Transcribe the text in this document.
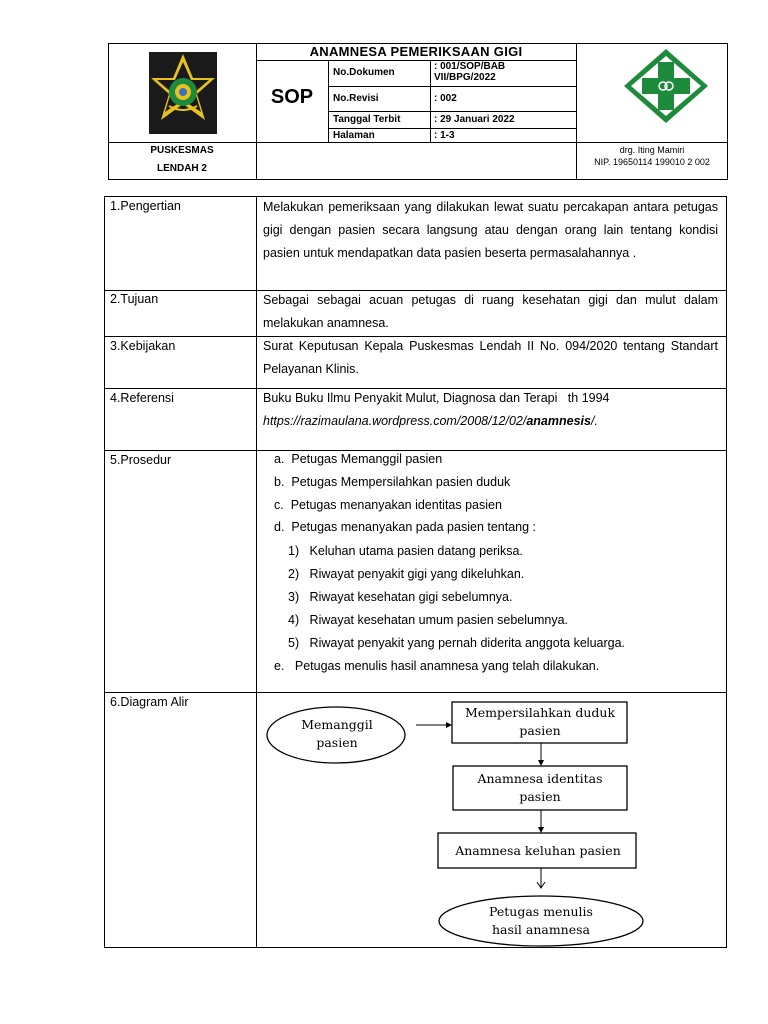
ANAMNESA PEMERIKSAAN GIGI
SOP
No.Dokumen
: 001/SOP/BAB VII/BPG/2022
No.Revisi	: 002
Tanggal Terbit	: 29 Januari 2022
Halaman	: 1-3
PUSKESMAS
LENDAH 2
drg. Iting Mamiri
NIP. 19650114 199010 2 002
1.Pengertian	Melakukan pemeriksaan yang dilakukan lewat suatu percakapan antara petugas gigi dengan pasien secara langsung atau dengan orang lain tentang kondisi pasien untuk mendapatkan data pasien beserta permasalahannya .
2.Tujuan	Sebagai sebagai acuan petugas di ruang kesehatan gigi dan mulut dalam melakukan anamnesa.
3.Kebijakan	Surat Keputusan Kepala Puskesmas Lendah II No. 094/2020 tentang Standart Pelayanan Klinis.
4.Referensi	Buku Buku Ilmu Penyakit Mulut, Diagnosa dan Terapi   th 1994
https://razimaulana.wordpress.com/2008/12/02/anamnesis/.
5.Prosedur	a. Petugas Memanggil pasien
b. Petugas Mempersilahkan pasien duduk
c. Petugas menanyakan identitas pasien
d. Petugas menanyakan pada pasien tentang :
1) Keluhan utama pasien datang periksa.
2) Riwayat penyakit gigi yang dikeluhkan.
3) Riwayat kesehatan gigi sebelumnya.
4) Riwayat kesehatan umum pasien sebelumnya.
5) Riwayat penyakit yang pernah diderita anggota keluarga.
e. Petugas menulis hasil anamnesa yang telah dilakukan.
6.Diagram Alir
Memanggil pasien
Mempersilahkan duduk pasien
Anamnesa identitas pasien
Anamnesa keluhan pasien
Petugas menulis hasil anamnesa
